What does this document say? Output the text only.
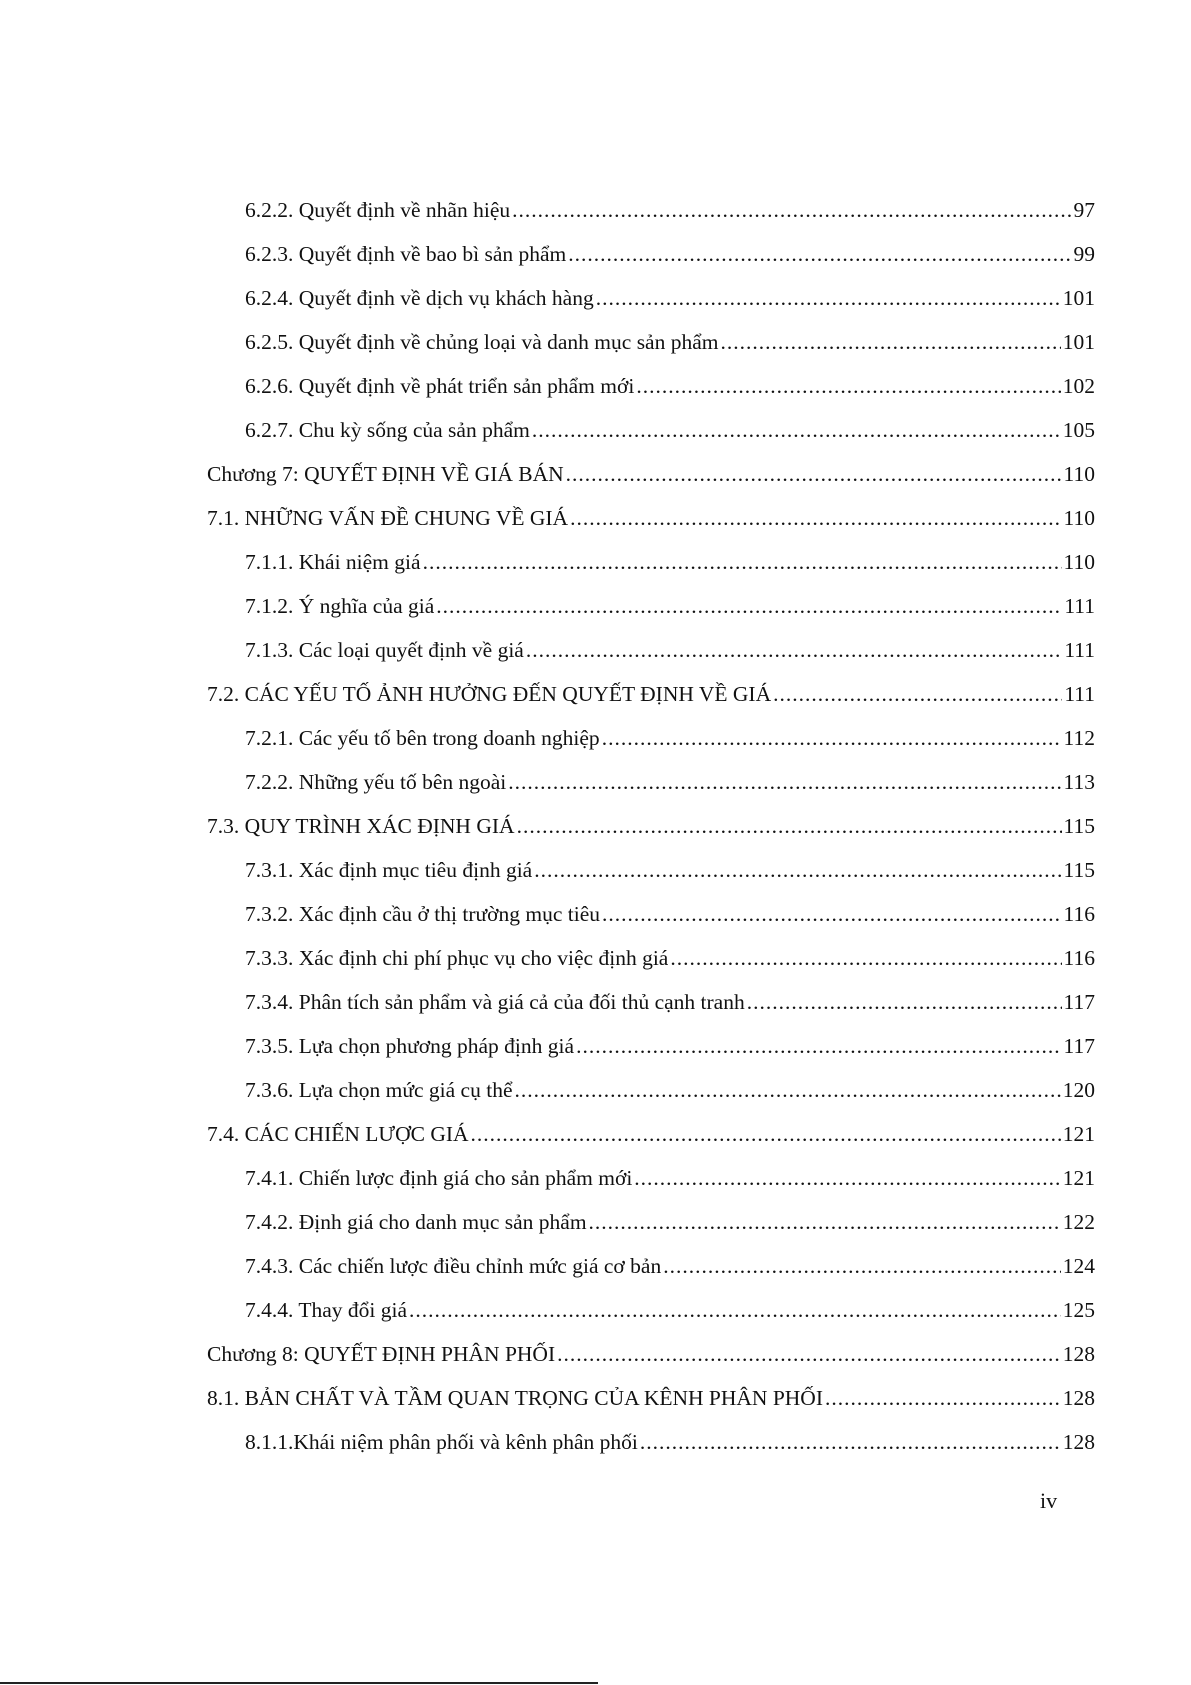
6.2.2. Quyết định về nhãn hiệu .....	97
6.2.3. Quyết định về bao bì sản phẩm .....	99
6.2.4. Quyết định về dịch vụ khách hàng .....	101
6.2.5. Quyết định về chủng loại và danh mục sản phẩm .....	101
6.2.6. Quyết định về phát triển sản phẩm mới .....	102
6.2.7. Chu kỳ sống của sản phẩm .....	105
Chương 7: QUYẾT ĐỊNH VỀ GIÁ BÁN .....	110
7.1. NHỮNG VẤN ĐỀ CHUNG VỀ GIÁ .....	110
7.1.1. Khái niệm giá .....	110
7.1.2. Ý nghĩa của giá .....	111
7.1.3. Các loại quyết định về giá .....	111
7.2. CÁC YẾU TỐ ẢNH HƯỞNG ĐẾN QUYẾT ĐỊNH VỀ GIÁ .....	111
7.2.1. Các yếu tố bên trong doanh nghiệp .....	112
7.2.2. Những yếu tố bên ngoài .....	113
7.3. QUY TRÌNH XÁC ĐỊNH GIÁ .....	115
7.3.1. Xác định mục tiêu định giá .....	115
7.3.2. Xác định cầu ở thị trường mục tiêu .....	116
7.3.3. Xác định chi phí phục vụ cho việc định giá .....	116
7.3.4. Phân tích sản phẩm và giá cả của đối thủ cạnh tranh .....	117
7.3.5. Lựa chọn phương pháp định giá .....	117
7.3.6. Lựa chọn mức giá cụ thể .....	120
7.4. CÁC CHIẾN LƯỢC GIÁ .....	121
7.4.1. Chiến lược định giá cho sản phẩm mới .....	121
7.4.2. Định giá cho danh mục sản phẩm .....	122
7.4.3. Các chiến lược điều chỉnh mức giá cơ bản .....	124
7.4.4. Thay đổi giá .....	125
Chương 8: QUYẾT ĐỊNH PHÂN PHỐI .....	128
8.1. BẢN CHẤT VÀ TẦM QUAN TRỌNG CỦA KÊNH PHÂN PHỐI .....	128
8.1.1.Khái niệm phân phối và kênh phân phối .....	128
iv
